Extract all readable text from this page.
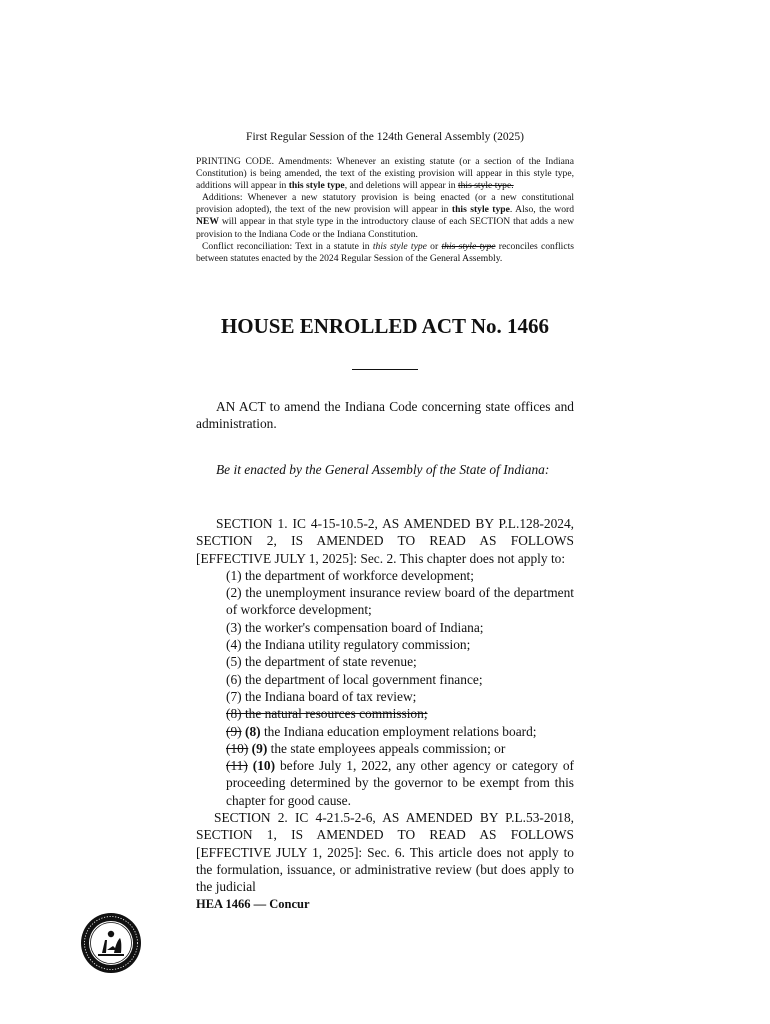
First Regular Session of the 124th General Assembly (2025)

PRINTING CODE. Amendments: Whenever an existing statute (or a section of the Indiana Constitution) is being amended, the text of the existing provision will appear in this style type, additions will appear in this style type, and deletions will appear in this style type.

Additions: Whenever a new statutory provision is being enacted (or a new constitutional provision adopted), the text of the new provision will appear in this style type. Also, the word NEW will appear in that style type in the introductory clause of each SECTION that adds a new provision to the Indiana Code or the Indiana Constitution.

Conflict reconciliation: Text in a statute in this style type or this style type reconciles conflicts between statutes enacted by the 2024 Regular Session of the General Assembly.

HOUSE ENROLLED ACT No. 1466

AN ACT to amend the Indiana Code concerning state offices and administration.

Be it enacted by the General Assembly of the State of Indiana:

SECTION 1. IC 4-15-10.5-2, AS AMENDED BY P.L.128-2024, SECTION 2, IS AMENDED TO READ AS FOLLOWS [EFFECTIVE JULY 1, 2025]: Sec. 2. This chapter does not apply to:

(1) the department of workforce development;

(2) the unemployment insurance review board of the department of workforce development;

(3) the worker's compensation board of Indiana;

(4) the Indiana utility regulatory commission;

(5) the department of state revenue;

(6) the department of local government finance;

(7) the Indiana board of tax review;

(8) the natural resources commission;

(9) (8) the Indiana education employment relations board;

(10) (9) the state employees appeals commission; or

(11) (10) before July 1, 2022, any other agency or category of proceeding determined by the governor to be exempt from this chapter for good cause.

SECTION 2. IC 4-21.5-2-6, AS AMENDED BY P.L.53-2018, SECTION 1, IS AMENDED TO READ AS FOLLOWS [EFFECTIVE JULY 1, 2025]: Sec. 6. This article does not apply to the formulation, issuance, or administrative review (but does apply to the judicial

HEA 1466 — Concur
